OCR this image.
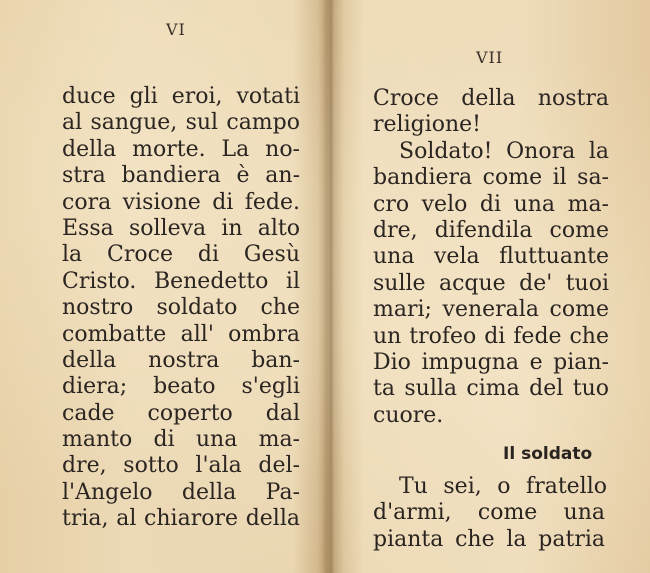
VI
duce gli eroi, votati
al sangue, sul campo
della morte. La no-
stra bandiera è an-
cora visione di fede.
Essa solleva in alto
la Croce di Gesù
Cristo. Benedetto il
nostro soldato che
combatte all' ombra
della nostra ban-
diera; beato s'egli
cade coperto dal
manto di una ma-
dre, sotto l'ala del-
l'Angelo della Pa-
tria, al chiarore della
VII
Croce della nostra
religione!
Soldato! Onora la
bandiera come il sa-
cro velo di una ma-
dre, difendila come
una vela fluttuante
sulle acque de' tuoi
mari; venerala come
un trofeo di fede che
Dio impugna e pian-
ta sulla cima del tuo
cuore.
Il soldato
Tu sei, o fratello
d'armi, come una
pianta che la patria
